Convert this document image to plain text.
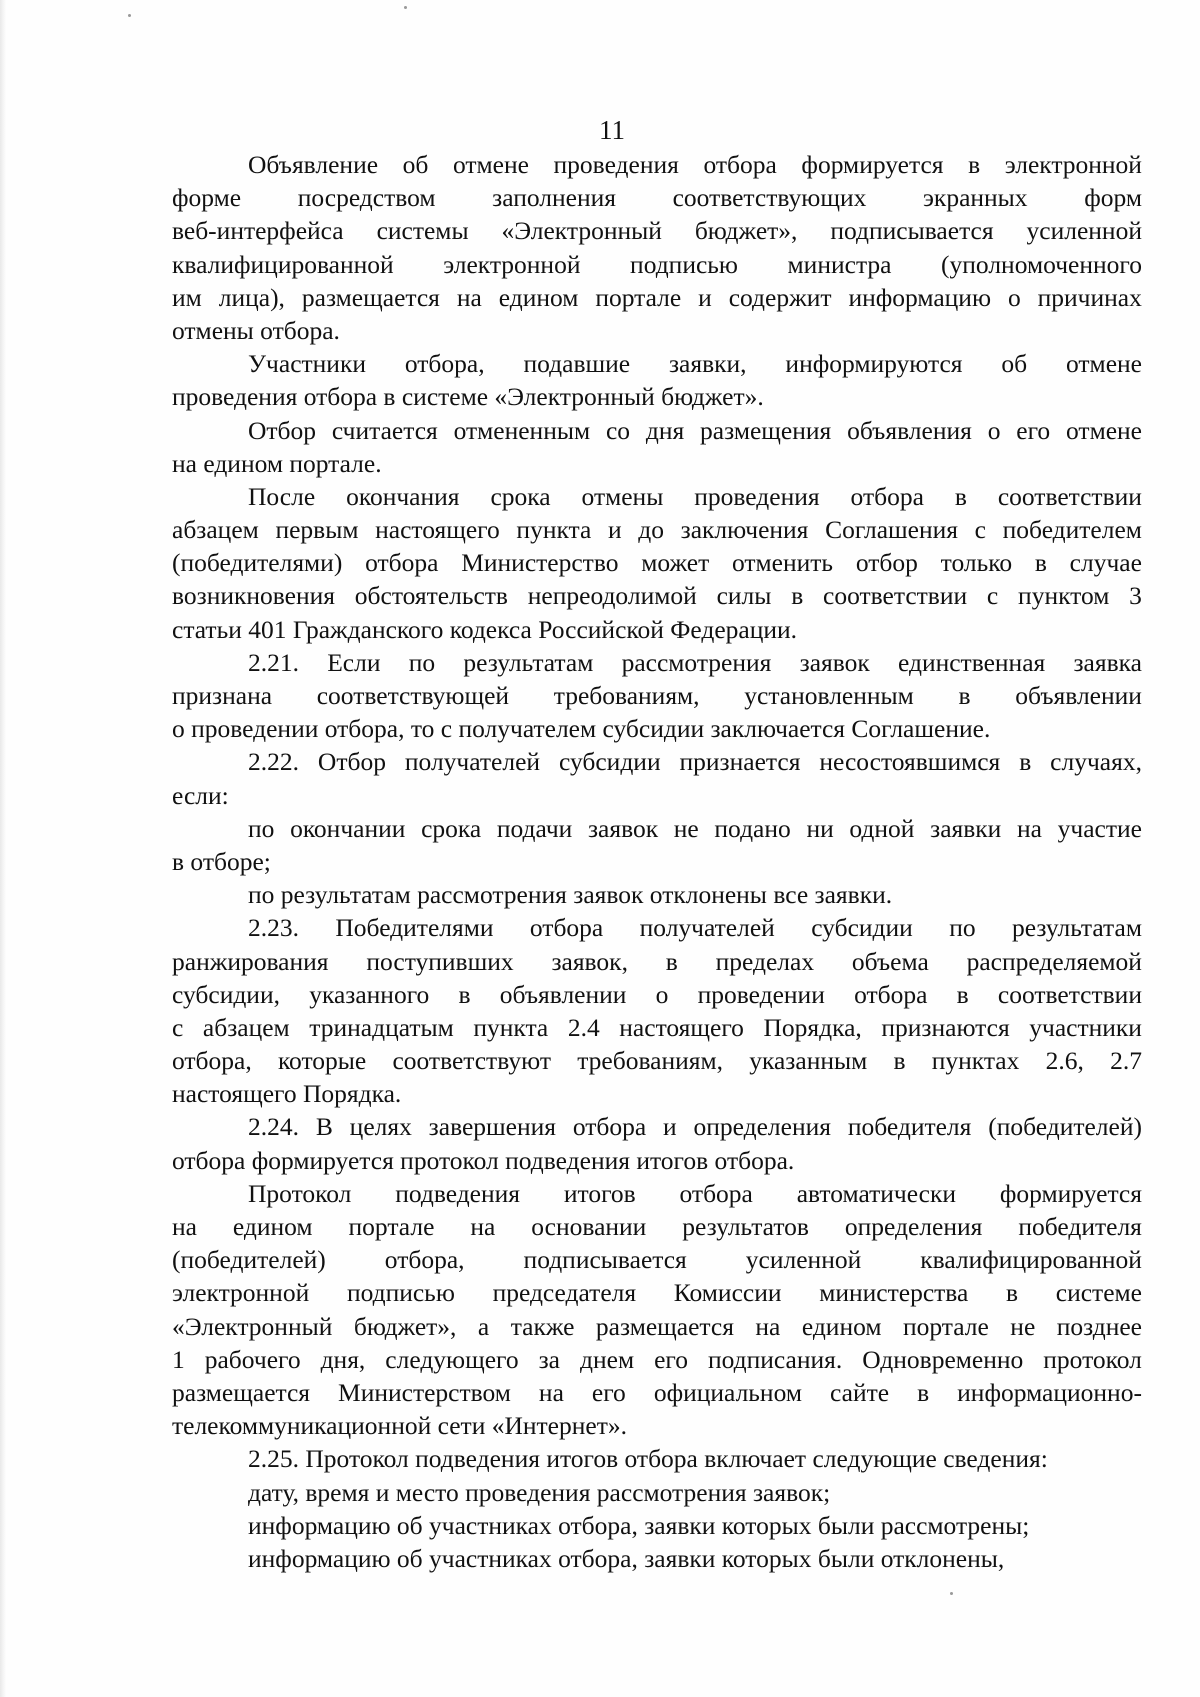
11
Объявление об отмене проведения отбора формируется в электронной
форме посредством заполнения соответствующих экранных форм
веб-интерфейса системы «Электронный бюджет», подписывается усиленной
квалифицированной электронной подписью министра (уполномоченного
им лица), размещается на едином портале и содержит информацию о причинах
отмены отбора.
Участники отбора, подавшие заявки, информируются об отмене
проведения отбора в системе «Электронный бюджет».
Отбор считается отмененным со дня размещения объявления о его отмене
на едином портале.
После окончания срока отмены проведения отбора в соответствии
абзацем первым настоящего пункта и до заключения Соглашения с победителем
(победителями) отбора Министерство может отменить отбор только в случае
возникновения обстоятельств непреодолимой силы в соответствии с пунктом 3
статьи 401 Гражданского кодекса Российской Федерации.
2.21. Если по результатам рассмотрения заявок единственная заявка
признана соответствующей требованиям, установленным в объявлении
о проведении отбора, то с получателем субсидии заключается Соглашение.
2.22. Отбор получателей субсидии признается несостоявшимся в случаях,
если:
по окончании срока подачи заявок не подано ни одной заявки на участие
в отборе;
по результатам рассмотрения заявок отклонены все заявки.
2.23. Победителями отбора получателей субсидии по результатам
ранжирования поступивших заявок, в пределах объема распределяемой
субсидии, указанного в объявлении о проведении отбора в соответствии
с абзацем тринадцатым пункта 2.4 настоящего Порядка, признаются участники
отбора, которые соответствуют требованиям, указанным в пунктах 2.6, 2.7
настоящего Порядка.
2.24. В целях завершения отбора и определения победителя (победителей)
отбора формируется протокол подведения итогов отбора.
Протокол подведения итогов отбора автоматически формируется
на едином портале на основании результатов определения победителя
(победителей) отбора, подписывается усиленной квалифицированной
электронной подписью председателя Комиссии министерства в системе
«Электронный бюджет», а также размещается на едином портале не позднее
1 рабочего дня, следующего за днем его подписания. Одновременно протокол
размещается Министерством на его официальном сайте в информационно-
телекоммуникационной сети «Интернет».
2.25. Протокол подведения итогов отбора включает следующие сведения:
дату, время и место проведения рассмотрения заявок;
информацию об участниках отбора, заявки которых были рассмотрены;
информацию об участниках отбора, заявки которых были отклонены,
